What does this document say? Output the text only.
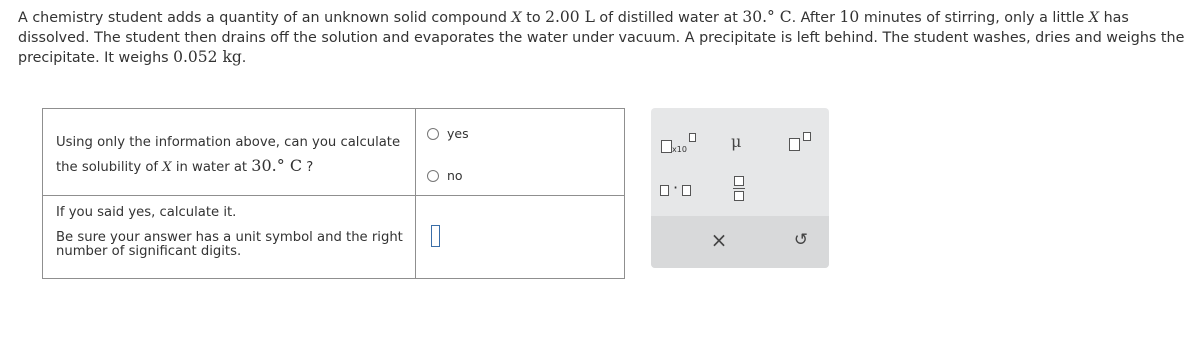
A chemistry student adds a quantity of an unknown solid compound X to 2.00 L of distilled water at 30.° C. After 10 minutes of stirring, only a little X has dissolved. The student then drains off the solution and evaporates the water under vacuum. A precipitate is left behind. The student washes, dries and weighs the precipitate. It weighs 0.052 kg.
Using only the information above, can you calculate the solubility of X in water at 30.° C ?
yes
no
If you said yes, calculate it.
Be sure your answer has a unit symbol and the right number of significant digits.
x10	μ
·
×	↺
